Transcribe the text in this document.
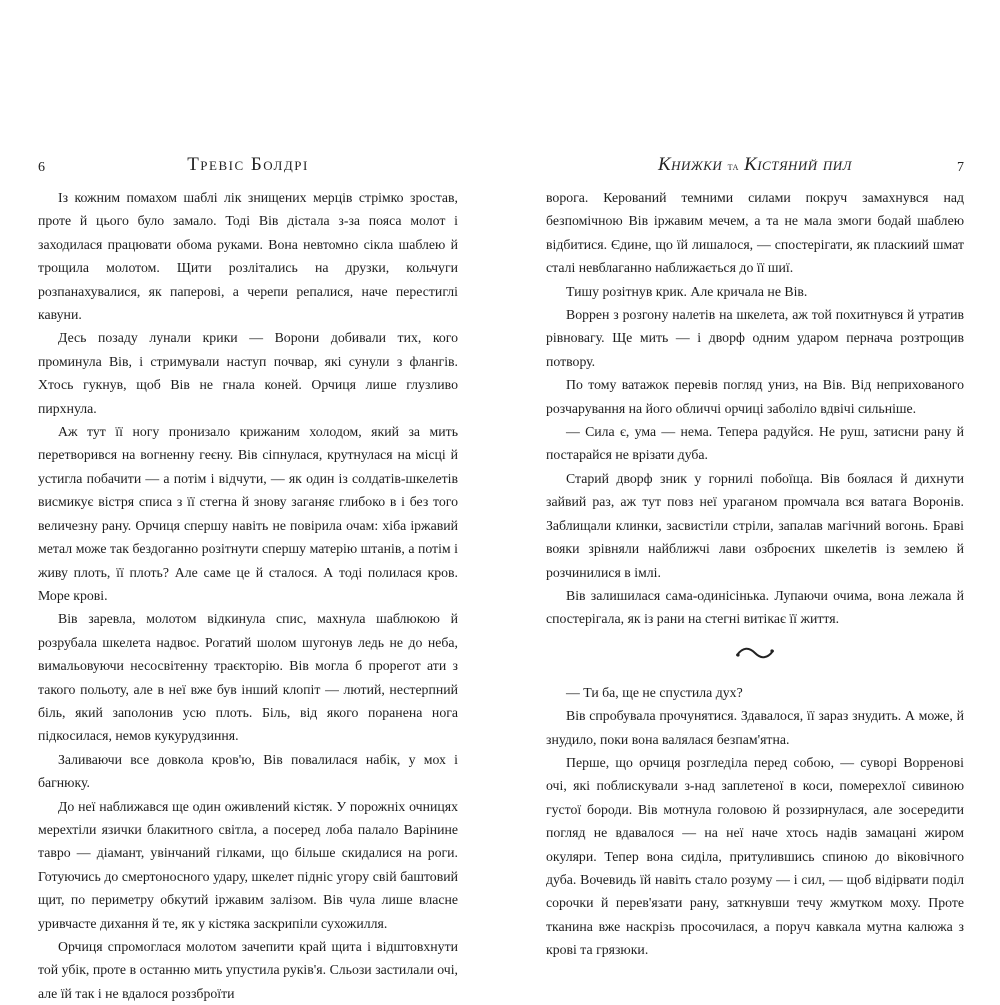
6	Тревіс Болдрі

Із кожним помахом шаблі лік знищених мерців стрімко зростав, проте й цього було замало. Тоді Вів дістала з-за пояса молот і заходилася працювати обома руками. Вона невтомно сікла шаблею й трощила молотом. Щити розлітались на друзки, кольчуги розпанахувалися, як паперові, а черепи репалися, наче перестиглі кавуни.

Десь позаду лунали крики — Ворони добивали тих, кого проминула Вів, і стримували наступ почвар, які сунули з флангів. Хтось гукнув, щоб Вів не гнала коней. Орчиця лише глузливо пирхнула.

Аж тут її ногу пронизало крижаним холодом, який за мить перетворився на вогненну геєну. Вів сіпнулася, крутнулася на місці й устигла побачити — а потім і відчути, — як один із солдатів-шкелетів висмикує вістря списа з її стегна й знову заганяє глибоко в і без того величезну рану. Орчиця спершу навіть не повірила очам: хіба іржавий метал може так бездоганно розітнути спершу матерію штанів, а потім і живу плоть, її плоть? Але саме це й сталося. А тоді полилася кров. Море крові.

Вів заревла, молотом відкинула спис, махнула шаблюкою й розрубала шкелета надвоє. Рогатий шолом шугонув ледь не до неба, вимальовуючи несосвітенну траєкторію. Вів могла б прорегот ати з такого польоту, але в неї вже був інший клопіт — лютий, нестерпний біль, який заполонив усю плоть. Біль, від якого поранена нога підкосилася, немов кукурудзиння.

Заливаючи все довкола кров'ю, Вів повалилася набік, у мох і багнюку.

До неї наближався ще один оживлений кістяк. У порожніх очницях мерехтіли язички блакитного світла, а посеред лоба палало Варінине тавро — діамант, увінчаний гілками, що більше скидалися на роги. Готуючись до смертоносного удару, шкелет підніс угору свій баштовий щит, по периметру обкутий іржавим залізом. Вів чула лише власне уривчасте дихання й те, як у кістяка заскрипіли сухожилля.

Орчиця спромоглася молотом зачепити край щита і відштовхнути той убік, проте в останню мить упустила руків'я. Сльози застилали очі, але їй так і не вдалося роззброїти

Книжки та Кістяний пил	7

ворога. Керований темними силами покруч замахнувся над безпомічною Вів іржавим мечем, а та не мала змоги бодай шаблею відбитися. Єдине, що їй лишалося, — спостерігати, як пласкиий шмат сталі невблаганно наближається до її шиї.

Тишу розітнув крик. Але кричала не Вів.

Воррен з розгону налетів на шкелета, аж той похитнувся й утратив рівновагу. Ще мить — і дворф одним ударом перначa розтрощив потвору.

По тому ватажок перевів погляд униз, на Вів. Від неприхованого розчарування на його обличчі орчиці заболіло вдвічі сильніше.

— Сила є, ума — нема. Тепера радуйся. Не руш, затисни рану й постарайся не врізати дуба.

Старий дворф зник у горнилі побоїща. Вів боялася й дихнути зайвий раз, аж тут повз неї ураганом промчала вся ватага Воронів. Заблищали клинки, засвистіли стріли, запалав магічний вогонь. Браві вояки зрівняли найближчі лави озброєних шкелетів із землею й розчинилися в імлі.

Вів залишилася сама-одинісінька. Лупаючи очима, вона лежала й спостерігала, як із рани на стегні витікає її життя.

— Ти ба, ще не спустила дух?

Вів спробувала прочунятися. Здавалося, її зараз знудить. А може, й знудило, поки вона валялася безпам'ятна.

Перше, що орчиця розгледіла перед собою, — суворі Ворренові очі, які поблискували з-над заплетеної в коси, померехлої сивиною густої бороди. Вів мотнула головою й роззирнулася, але зосередити погляд не вдавалося — на неї наче хтось надів замацані жиром окуляри. Тепер вона сиділа, притулившись спиною до віковічного дуба. Вочевидь їй навіть стало розуму — і сил, — щоб відірвати поділ сорочки й перев'язати рану, заткнувши течу жмутком моху. Проте тканина вже наскрізь просочилася, а поруч кавкала мутна калюжа з крові та грязюки.
